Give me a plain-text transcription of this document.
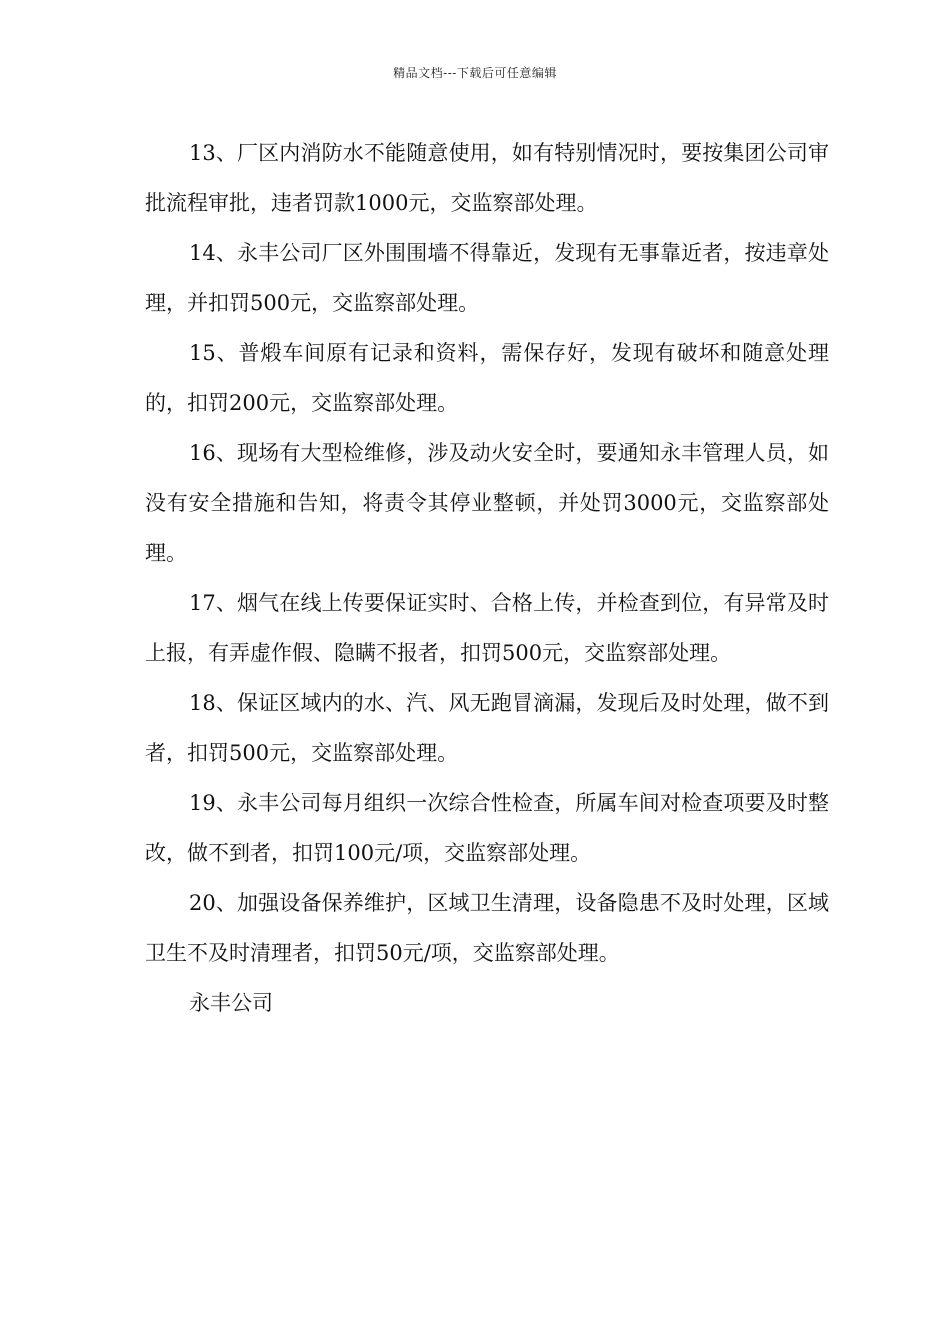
精品文档---下载后可任意编辑

13、厂区内消防水不能随意使用，如有特别情况时，要按集团公司审批流程审批，违者罚款1000元，交监察部处理。

14、永丰公司厂区外围围墙不得靠近，发现有无事靠近者，按违章处理，并扣罚500元，交监察部处理。

15、普煅车间原有记录和资料，需保存好，发现有破坏和随意处理的，扣罚200元，交监察部处理。

16、现场有大型检维修，涉及动火安全时，要通知永丰管理人员，如没有安全措施和告知，将责令其停业整顿，并处罚3000元，交监察部处理。

17、烟气在线上传要保证实时、合格上传，并检查到位，有异常及时上报，有弄虚作假、隐瞒不报者，扣罚500元，交监察部处理。

18、保证区域内的水、汽、风无跑冒滴漏，发现后及时处理，做不到者，扣罚500元，交监察部处理。

19、永丰公司每月组织一次综合性检查，所属车间对检查项要及时整改，做不到者，扣罚100元/项，交监察部处理。

20、加强设备保养维护，区域卫生清理，设备隐患不及时处理，区域卫生不及时清理者，扣罚50元/项，交监察部处理。

永丰公司
